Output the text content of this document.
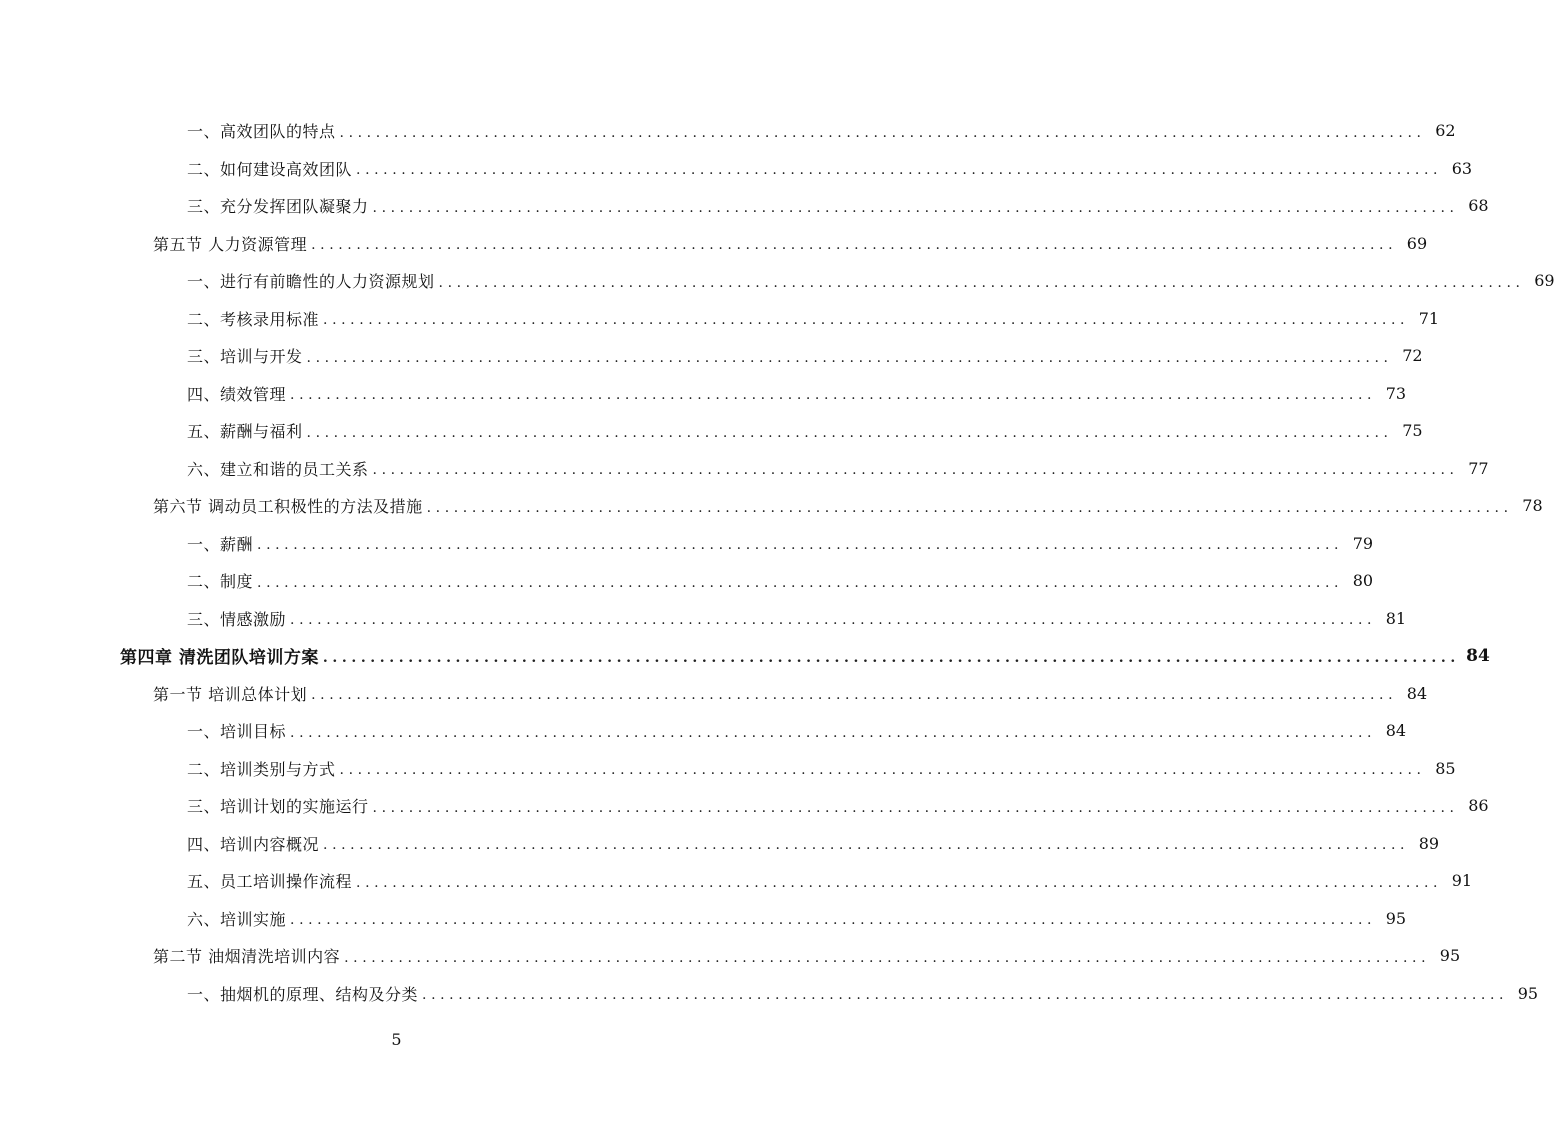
一、高效团队的特点 ........................................................................................................................ 62
二、如何建设高效团队 ........................................................................................................................ 63
三、充分发挥团队凝聚力 ........................................................................................................................ 68
第五节 人力资源管理 ........................................................................................................................ 69
一、进行有前瞻性的人力资源规划 ........................................................................................................................ 69
二、考核录用标准 ........................................................................................................................ 71
三、培训与开发 ........................................................................................................................ 72
四、绩效管理 ........................................................................................................................ 73
五、薪酬与福利 ........................................................................................................................ 75
六、建立和谐的员工关系 ........................................................................................................................ 77
第六节 调动员工积极性的方法及措施 ........................................................................................................................ 78
一、薪酬 ........................................................................................................................ 79
二、制度 ........................................................................................................................ 80
三、情感激励 ........................................................................................................................ 81
第四章 清洗团队培训方案 ........................................................................................................................ 84
第一节 培训总体计划 ........................................................................................................................ 84
一、培训目标 ........................................................................................................................ 84
二、培训类别与方式 ........................................................................................................................ 85
三、培训计划的实施运行 ........................................................................................................................ 86
四、培训内容概况 ........................................................................................................................ 89
五、员工培训操作流程 ........................................................................................................................ 91
六、培训实施 ........................................................................................................................ 95
第二节 油烟清洗培训内容 ........................................................................................................................ 95
一、抽烟机的原理、结构及分类 ........................................................................................................................ 95
5
